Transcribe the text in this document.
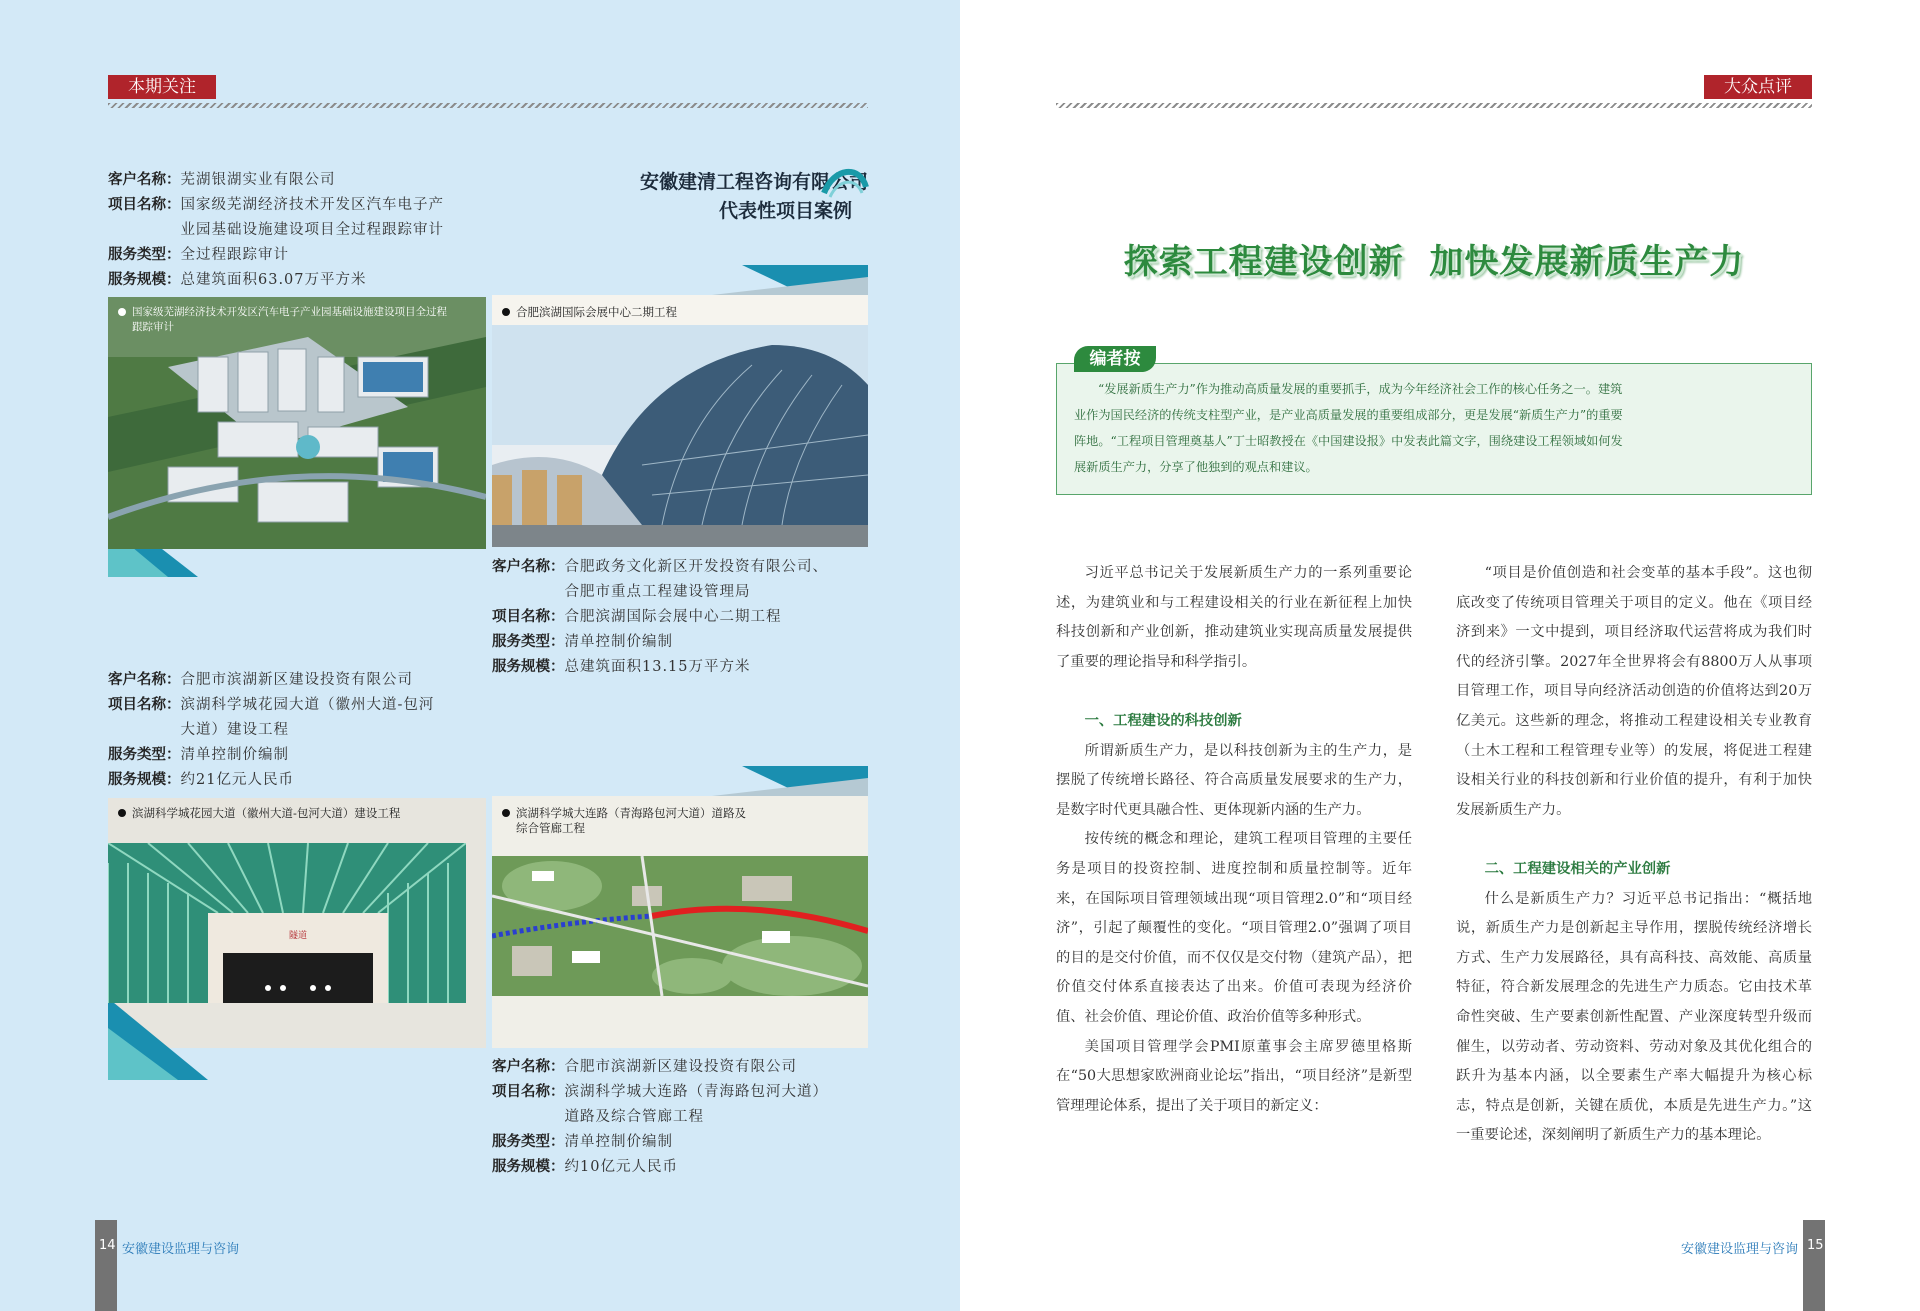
本期关注
安徽建清工程咨询有限公司
代表性项目案例
客户名称： 芜湖银湖实业有限公司
项目名称： 国家级芜湖经济技术开发区汽车电子产
业园基础设施建设项目全过程跟踪审计
服务类型： 全过程跟踪审计
服务规模： 总建筑面积63.07万平方米
国家级芜湖经济技术开发区汽车电子产业园基础设施建设项目全过程跟踪审计
合肥滨湖国际会展中心二期工程
客户名称： 合肥政务文化新区开发投资有限公司、
合肥市重点工程建设管理局
项目名称： 合肥滨湖国际会展中心二期工程
服务类型： 清单控制价编制
服务规模： 总建筑面积13.15万平方米
客户名称： 合肥市滨湖新区建设投资有限公司
项目名称： 滨湖科学城花园大道（徽州大道-包河
大道）建设工程
服务类型： 清单控制价编制
服务规模： 约21亿元人民币
滨湖科学城花园大道（徽州大道-包河大道）建设工程
隧道
滨湖科学城大连路（青海路包河大道）道路及
综合管廊工程
客户名称： 合肥市滨湖新区建设投资有限公司
项目名称： 滨湖科学城大连路（青海路包河大道）
道路及综合管廊工程
服务类型： 清单控制价编制
服务规模： 约10亿元人民币
14 安徽建设监理与咨询
大众点评
探索工程建设创新  加快发展新质生产力
编者按
“发展新质生产力”作为推动高质量发展的重要抓手，成为今年经济社会工作的核心任务之一。建筑
业作为国民经济的传统支柱型产业，是产业高质量发展的重要组成部分，更是发展“新质生产力”的重要
阵地。“工程项目管理奠基人”丁士昭教授在《中国建设报》中发表此篇文字，围绕建设工程领域如何发
展新质生产力，分享了他独到的观点和建议。

习近平总书记关于发展新质生产力的一系列重要论述，为建筑业和与工程建设相关的行业在新征程上加快科技创新和产业创新，推动建筑业实现高质量发展提供了重要的理论指导和科学指引。

一、工程建设的科技创新

所谓新质生产力，是以科技创新为主的生产力，是摆脱了传统增长路径、符合高质量发展要求的生产力，是数字时代更具融合性、更体现新内涵的生产力。

按传统的概念和理论，建筑工程项目管理的主要任务是项目的投资控制、进度控制和质量控制等。近年来，在国际项目管理领域出现“项目管理2.0”和“项目经济”，引起了颠覆性的变化。“项目管理2.0”强调了项目的目的是交付价值，而不仅仅是交付物（建筑产品），把价值交付体系直接表达了出来。价值可表现为经济价值、社会价值、理论价值、政治价值等多种形式。

美国项目管理学会PMI原董事会主席罗德里格斯在“50大思想家欧洲商业论坛”指出，“项目经济”是新型管理理论体系，提出了关于项目的新定义：

“项目是价值创造和社会变革的基本手段”。这也彻底改变了传统项目管理关于项目的定义。他在《项目经济到来》一文中提到，项目经济取代运营将成为我们时代的经济引擎。2027年全世界将会有8800万人从事项目管理工作，项目导向经济活动创造的价值将达到20万亿美元。这些新的理念，将推动工程建设相关专业教育（土木工程和工程管理专业等）的发展，将促进工程建设相关行业的科技创新和行业价值的提升，有利于加快发展新质生产力。

二、工程建设相关的产业创新

什么是新质生产力？习近平总书记指出：“概括地说，新质生产力是创新起主导作用，摆脱传统经济增长方式、生产力发展路径，具有高科技、高效能、高质量特征，符合新发展理念的先进生产力质态。它由技术革命性突破、生产要素创新性配置、产业深度转型升级而催生，以劳动者、劳动资料、劳动对象及其优化组合的跃升为基本内涵，以全要素生产率大幅提升为核心标志，特点是创新，关键在质优，本质是先进生产力。”这一重要论述，深刻阐明了新质生产力的基本理论。

15
安徽建设监理与咨询
